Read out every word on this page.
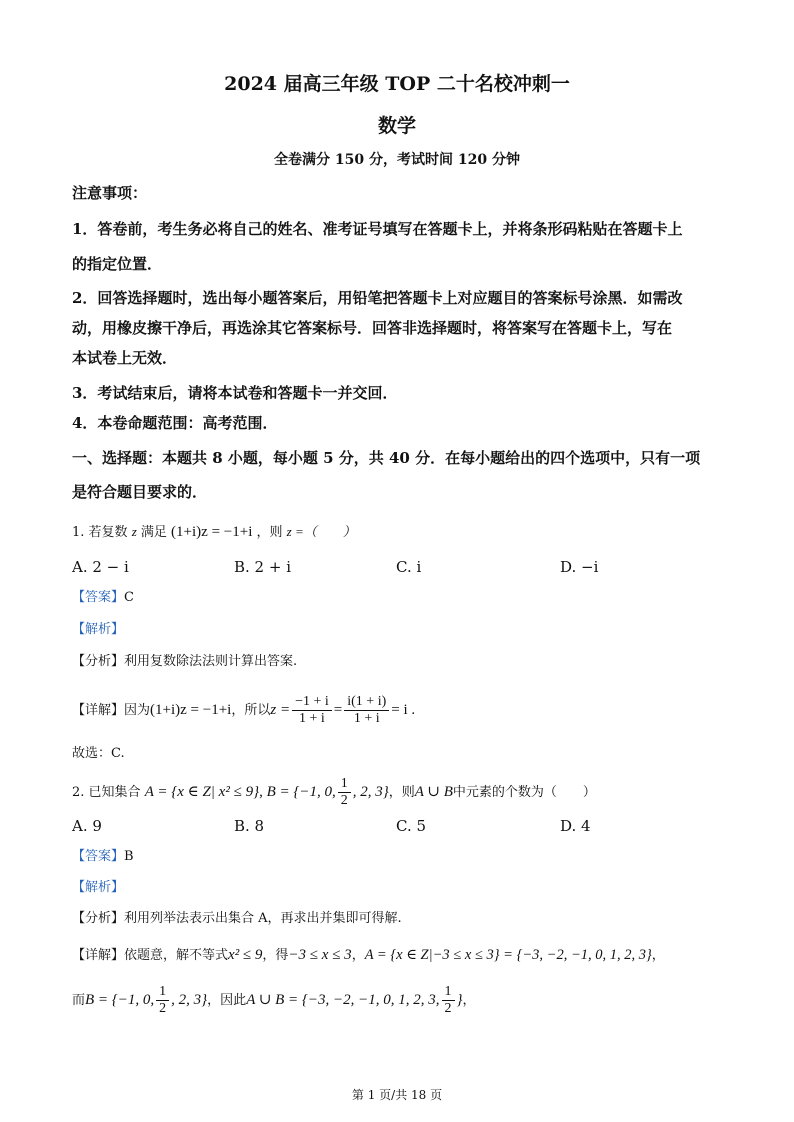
2024 届高三年级 TOP 二十名校冲刺一
数学
全卷满分 150 分，考试时间 120 分钟
注意事项：
1．答卷前，考生务必将自己的姓名、准考证号填写在答题卡上，并将条形码粘贴在答题卡上
的指定位置．
2．回答选择题时，选出每小题答案后，用铅笔把答题卡上对应题目的答案标号涂黑．如需改
动，用橡皮擦干净后，再选涂其它答案标号．回答非选择题时，将答案写在答题卡上，写在
本试卷上无效．
3．考试结束后，请将本试卷和答题卡一并交回．
4．本卷命题范围：高考范围．
一、选择题：本题共 8 小题，每小题 5 分，共 40 分．在每小题给出的四个选项中，只有一项
是符合题目要求的．
1. 若复数 z 满足 (1+i)z = −1+i ，则 z =（　　）
A. 2 − i	B. 2 + i	C. i	D. −i
【答案】C
【解析】
【分析】利用复数除法法则计算出答案.
【详解】因为(1+i)z = −1+i，所以$z = \frac{-1 + i}{1 + i} = \frac{i(1 + i)}{1 + i} = i$ .
故选：C.
2. 已知集合 A = {x ∈ Z| x² ≤ 9}, B = {−1, 0, $\frac{1}{2}$ , 2, 3}，则A ∪ B中元素的个数为（　　）
A. 9	B. 8	C. 5	D. 4
【答案】B
【解析】
【分析】利用列举法表示出集合 A，再求出并集即可得解.
【详解】依题意，解不等式x² ≤ 9，得−3 ≤ x ≤ 3，A = {x ∈ Z|−3 ≤ x ≤ 3} = {−3, −2, −1, 0, 1, 2, 3}，
而B = {−1, 0, $\frac{1}{2}$ , 2, 3}，因此A ∪ B = {−3, −2, −1, 0, 1, 2, 3, $\frac{1}{2}$ }，
第 1 页/共 18 页
